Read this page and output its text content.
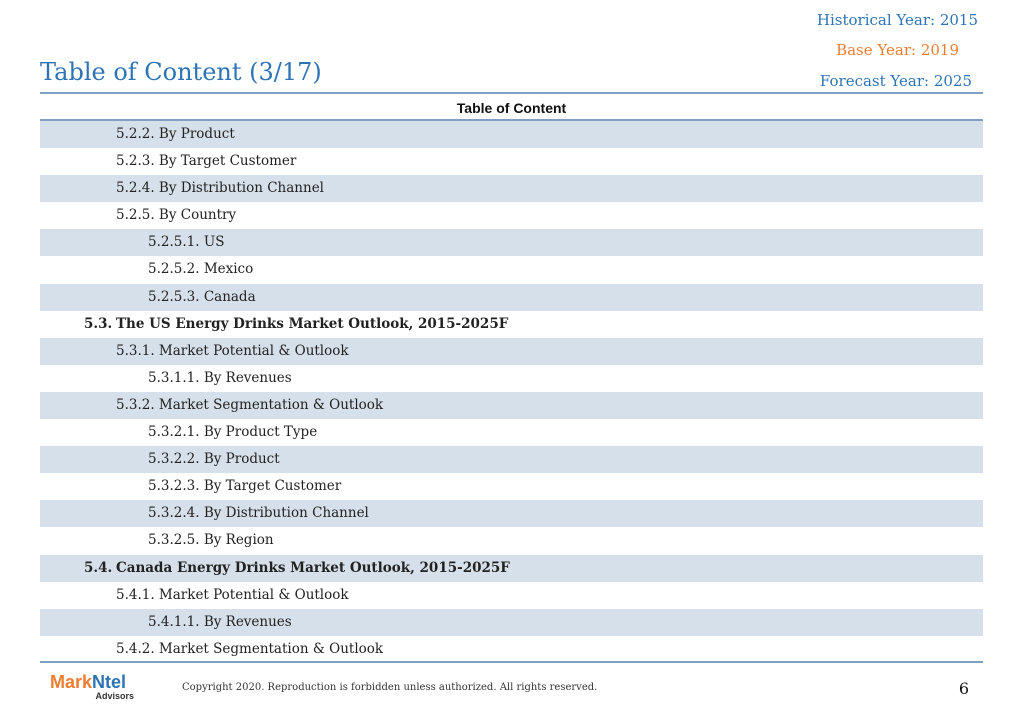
Historical Year: 2015
Base Year: 2019
Forecast Year: 2025
Table of Content (3/17)
Table of Content
5.2.2. By Product
5.2.3. By Target Customer
5.2.4. By Distribution Channel
5.2.5. By Country
5.2.5.1. US
5.2.5.2. Mexico
5.2.5.3. Canada
5.3. The US Energy Drinks Market Outlook, 2015-2025F
5.3.1. Market Potential & Outlook
5.3.1.1. By Revenues
5.3.2. Market Segmentation & Outlook
5.3.2.1. By Product Type
5.3.2.2. By Product
5.3.2.3. By Target Customer
5.3.2.4. By Distribution Channel
5.3.2.5. By Region
5.4. Canada Energy Drinks Market Outlook, 2015-2025F
5.4.1. Market Potential & Outlook
5.4.1.1. By Revenues
5.4.2. Market Segmentation & Outlook
MarkNtel
Advisors
Copyright 2020. Reproduction is forbidden unless authorized. All rights reserved.	6
